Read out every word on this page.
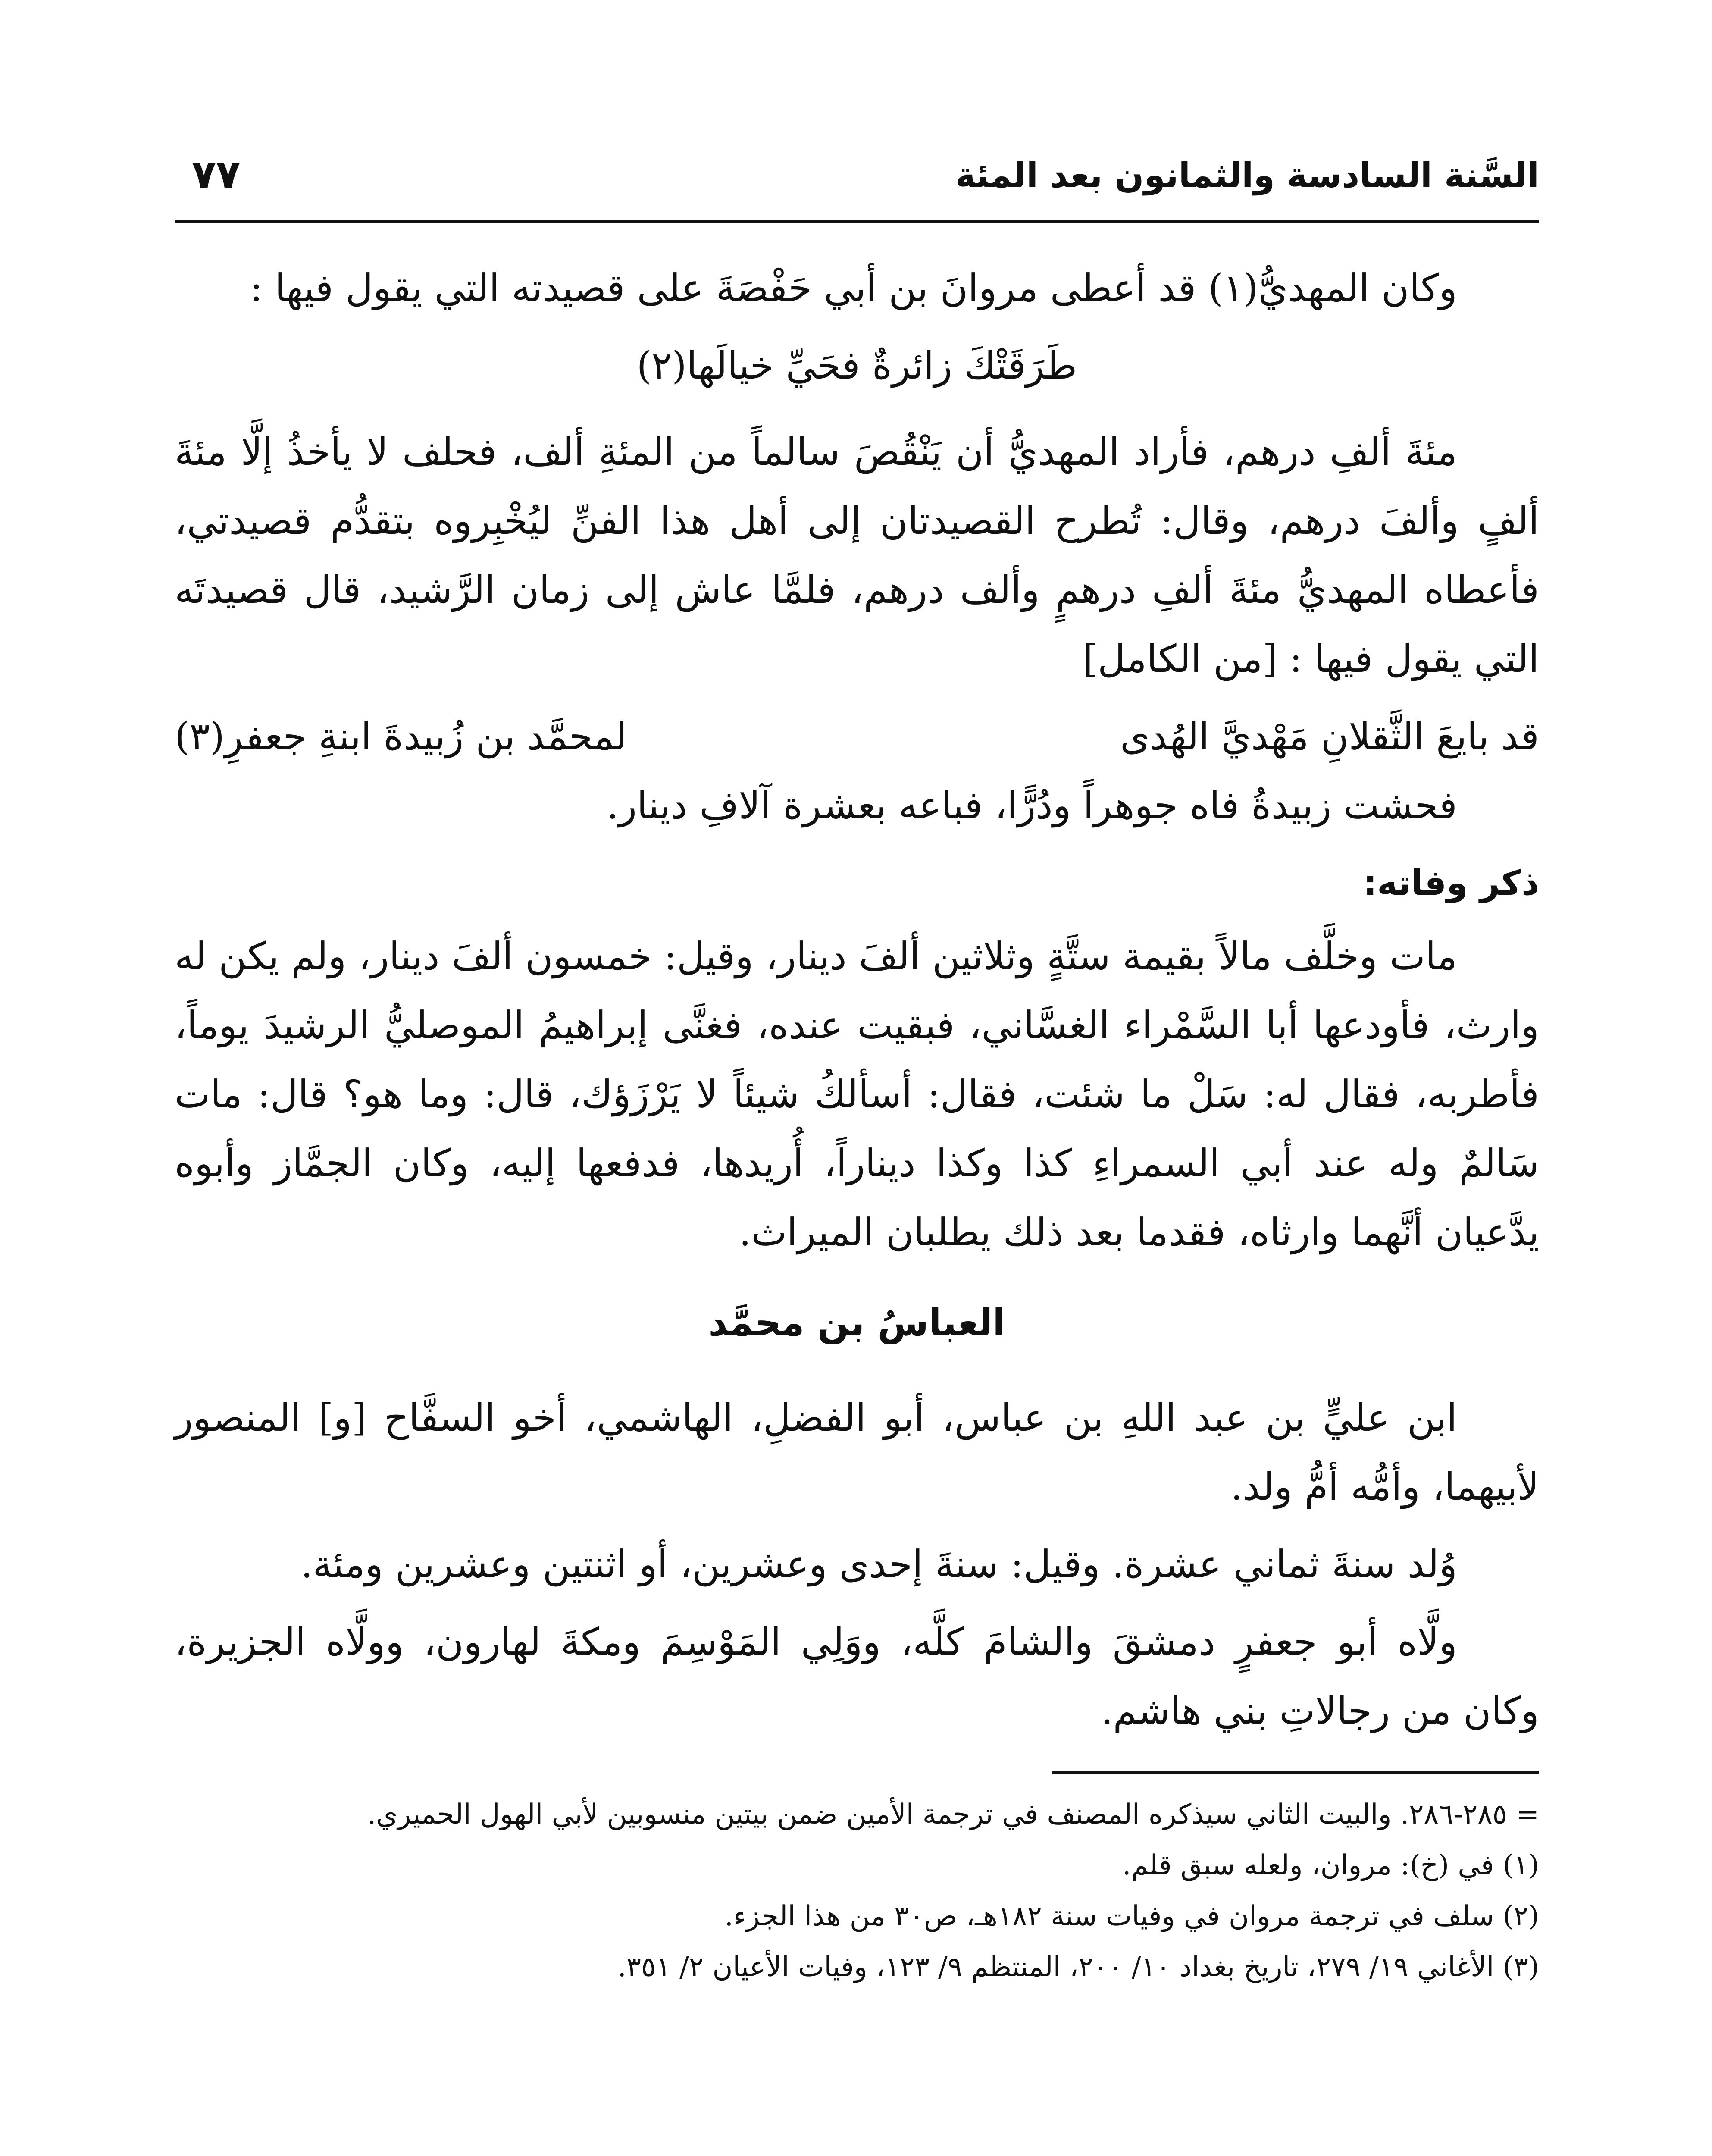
السَّنة السادسة والثمانون بعد المئة
٧٧

وكان المهديُّ(١) قد أعطى مروانَ بن أبي حَفْصَةَ على قصيدته التي يقول فيها :

طَرَقَتْكَ زائرةٌ فحَيِّ خيالَها(٢)

مئةَ ألفِ درهم، فأراد المهديُّ أن يَنْقُصَ سالماً من المئةِ ألف، فحلف لا يأخذُ إلَّا مئةَ ألفٍ وألفَ درهم، وقال: تُطرح القصيدتان إلى أهل هذا الفنِّ ليُخْبِروه بتقدُّم قصيدتي، فأعطاه المهديُّ مئةَ ألفِ درهمٍ وألف درهم، فلمَّا عاش إلى زمان الرَّشيد، قال قصيدتَه التي يقول فيها : [من الكامل]

قد بايعَ الثَّقلانِ مَهْديَّ الهُدى
لمحمَّد بن زُبيدةَ ابنةِ جعفرِ(٣)

فحشت زبيدةُ فاه جوهراً ودُرًّا، فباعه بعشرة آلافِ دينار.

ذكر وفاته:

مات وخلَّف مالاً بقيمة ستَّةٍ وثلاثين ألفَ دينار، وقيل: خمسون ألفَ دينار، ولم يكن له وارث، فأودعها أبا السَّمْراء الغسَّاني، فبقيت عنده، فغنَّى إبراهيمُ الموصليُّ الرشيدَ يوماً، فأطربه، فقال له: سَلْ ما شئت، فقال: أسألكُ شيئاً لا يَرْزَؤك، قال: وما هو؟ قال: مات سَالمٌ وله عند أبي السمراءِ كذا وكذا ديناراً، أُريدها، فدفعها إليه، وكان الجمَّاز وأبوه يدَّعيان أنَّهما وارثاه، فقدما بعد ذلك يطلبان الميراث.

العباسُ بن محمَّد

ابن عليٍّ بن عبد اللهِ بن عباس، أبو الفضلِ، الهاشمي، أخو السفَّاح [و] المنصور لأبيهما، وأمُّه أمُّ ولد.

وُلد سنةَ ثماني عشرة. وقيل: سنةَ إحدى وعشرين، أو اثنتين وعشرين ومئة.

ولَّاه أبو جعفرٍ دمشقَ والشامَ كلَّه، ووَلِي المَوْسِمَ ومكةَ لهارون، وولَّاه الجزيرة، وكان من رجالاتِ بني هاشم.

= ٢٨٥-٢٨٦. والبيت الثاني سيذكره المصنف في ترجمة الأمين ضمن بيتين منسوبين لأبي الهول الحميري.

(١) في (خ): مروان، ولعله سبق قلم.

(٢) سلف في ترجمة مروان في وفيات سنة ١٨٢هـ، ص٣٠ من هذا الجزء.

(٣) الأغاني ١٩/ ٢٧٩، تاريخ بغداد ١٠/ ٢٠٠، المنتظم ٩/ ١٢٣، وفيات الأعيان ٢/ ٣٥١.
